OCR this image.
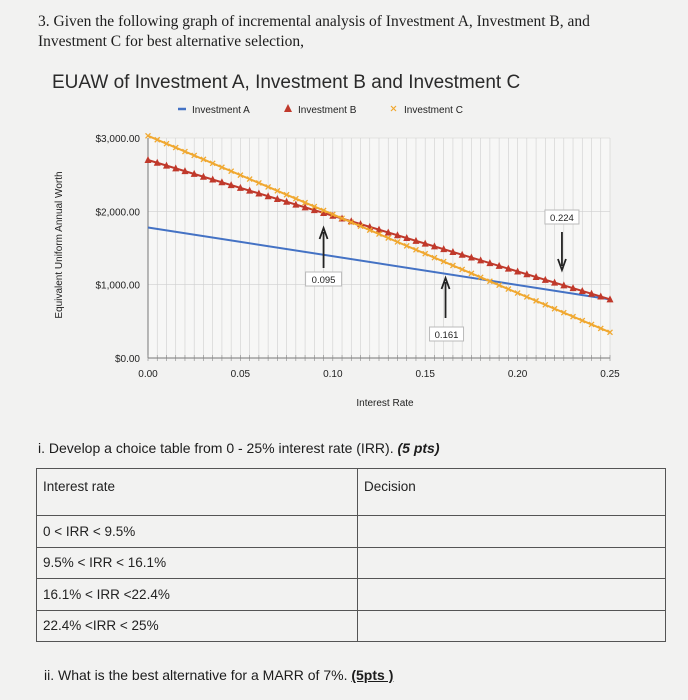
3. Given the following graph of incremental analysis of Investment A, Investment B, and Investment C for best alternative selection,
EUAW of Investment A, Investment B and Investment C
$0.00
$1,000.00
$2,000.00
$3,000.00
0.00	0.05	0.10	0.15	0.20	0.25
Interest Rate
Equivalent Uniform Annual Worth
Investment A	Investment B	Investment C
0.095
0.161
0.224
i. Develop a choice table from 0 - 25% interest rate (IRR). (5 pts)
Interest rate	Decision
0 < IRR < 9.5%	
9.5% < IRR < 16.1%	
16.1% < IRR <22.4%	
22.4% <IRR < 25%	
ii. What is the best alternative for a MARR of 7%. (5pts )
